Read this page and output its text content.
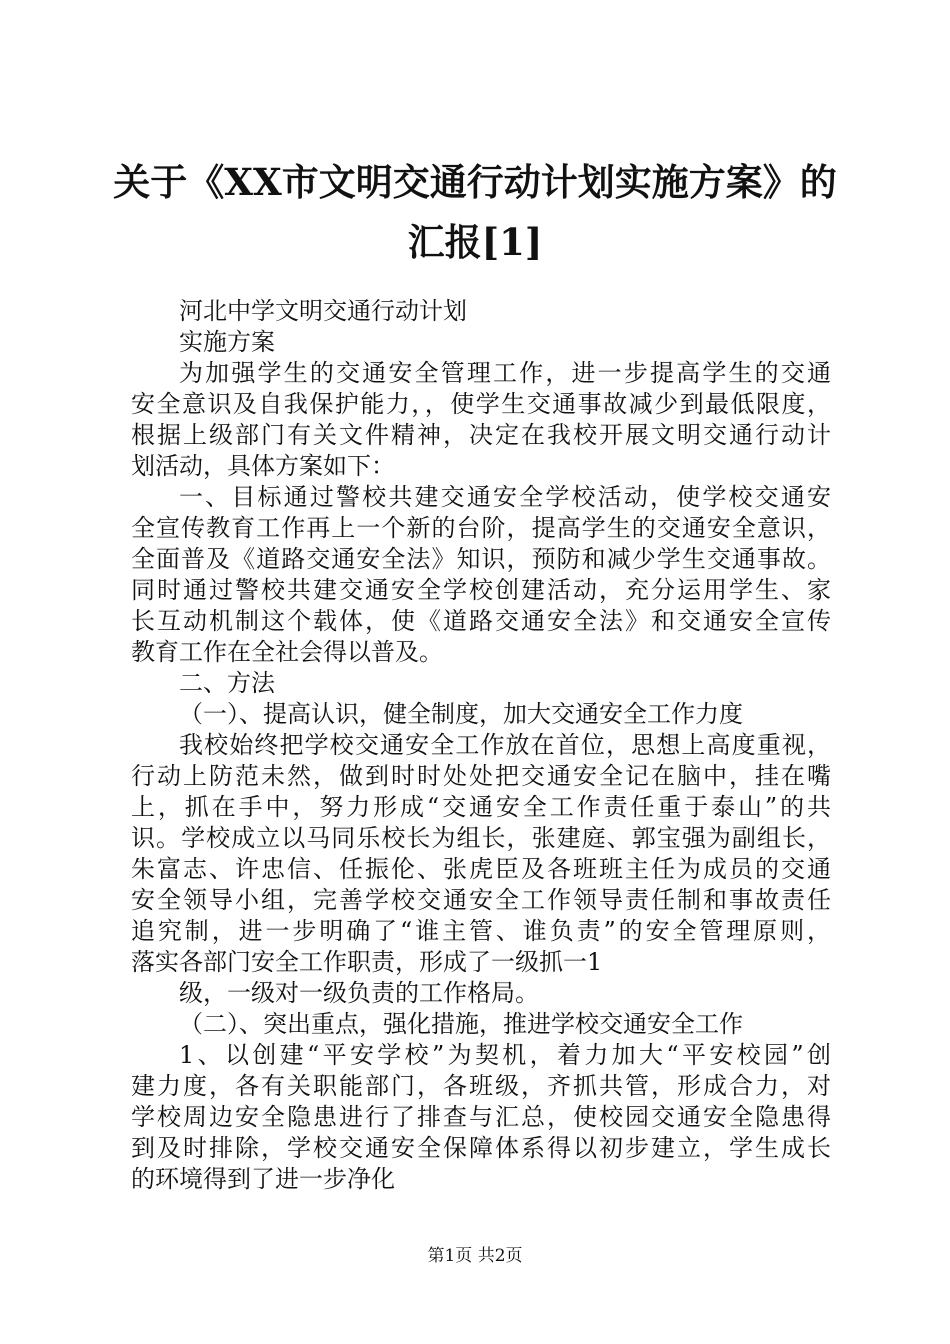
关于《XX市文明交通行动计划实施方案》的
汇报[1]
河北中学文明交通行动计划
实施方案
为加强学生的交通安全管理工作，进一步提高学生的交通
安全意识及自我保护能力，，使学生交通事故减少到最低限度，
根据上级部门有关文件精神，决定在我校开展文明交通行动计
划活动，具体方案如下：
一、目标通过警校共建交通安全学校活动，使学校交通安
全宣传教育工作再上一个新的台阶，提高学生的交通安全意识，
全面普及《道路交通安全法》知识，预防和减少学生交通事故。
同时通过警校共建交通安全学校创建活动，充分运用学生、家
长互动机制这个载体，使《道路交通安全法》和交通安全宣传
教育工作在全社会得以普及。
二、方法
（一）、提高认识，健全制度，加大交通安全工作力度
我校始终把学校交通安全工作放在首位，思想上高度重视，
行动上防范未然，做到时时处处把交通安全记在脑中，挂在嘴
上，抓在手中，努力形成“交通安全工作责任重于泰山”的共
识。学校成立以马同乐校长为组长，张建庭、郭宝强为副组长，
朱富志、许忠信、任振伦、张虎臣及各班班主任为成员的交通
安全领导小组，完善学校交通安全工作领导责任制和事故责任
追究制，进一步明确了“谁主管、谁负责”的安全管理原则，
落实各部门安全工作职责，形成了一级抓一1
级，一级对一级负责的工作格局。
（二）、突出重点，强化措施，推进学校交通安全工作
1、以创建“平安学校”为契机，着力加大“平安校园”创
建力度，各有关职能部门，各班级，齐抓共管，形成合力，对
学校周边安全隐患进行了排查与汇总，使校园交通安全隐患得
到及时排除，学校交通安全保障体系得以初步建立，学生成长
的环境得到了进一步净化
第1页 共2页
